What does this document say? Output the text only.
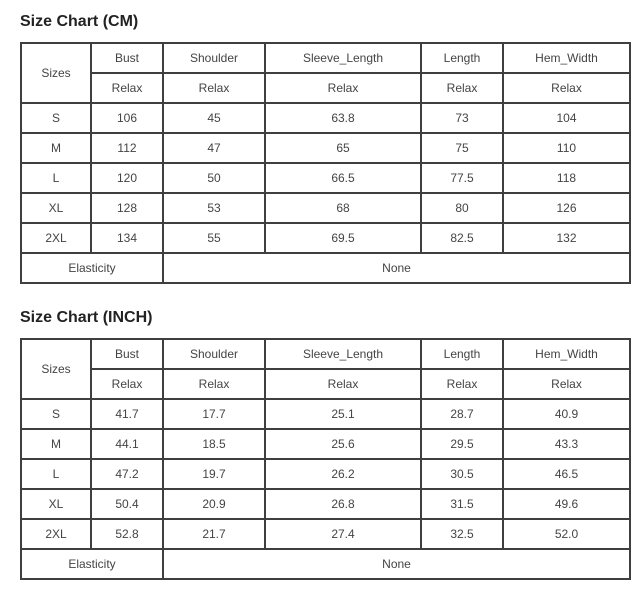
Size Chart (CM)
Sizes	Bust	Shoulder	Sleeve_Length	Length	Hem_Width
	Relax	Relax	Relax	Relax	Relax
S	106	45	63.8	73	104
M	112	47	65	75	110
L	120	50	66.5	77.5	118
XL	128	53	68	80	126
2XL	134	55	69.5	82.5	132
Elasticity		None			
Size Chart (INCH)
Sizes	Bust	Shoulder	Sleeve_Length	Length	Hem_Width
	Relax	Relax	Relax	Relax	Relax
S	41.7	17.7	25.1	28.7	40.9
M	44.1	18.5	25.6	29.5	43.3
L	47.2	19.7	26.2	30.5	46.5
XL	50.4	20.9	26.8	31.5	49.6
2XL	52.8	21.7	27.4	32.5	52.0
Elasticity		None			
